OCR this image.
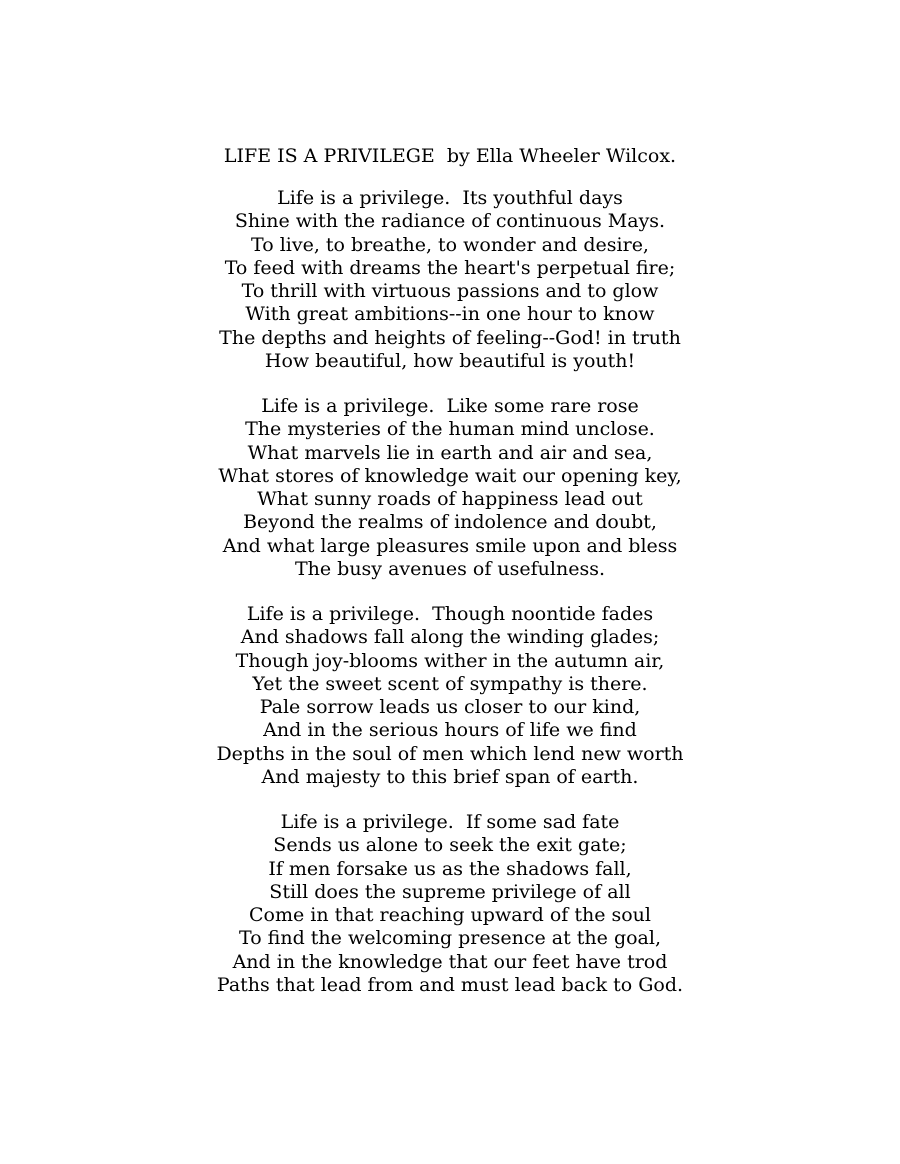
LIFE IS A PRIVILEGE  by Ella Wheeler Wilcox.
Life is a privilege.  Its youthful days
Shine with the radiance of continuous Mays.
To live, to breathe, to wonder and desire,
To feed with dreams the heart's perpetual fire;
To thrill with virtuous passions and to glow
With great ambitions--in one hour to know
The depths and heights of feeling--God! in truth
How beautiful, how beautiful is youth!
Life is a privilege.  Like some rare rose
The mysteries of the human mind unclose.
What marvels lie in earth and air and sea,
What stores of knowledge wait our opening key,
What sunny roads of happiness lead out
Beyond the realms of indolence and doubt,
And what large pleasures smile upon and bless
The busy avenues of usefulness.
Life is a privilege.  Though noontide fades
And shadows fall along the winding glades;
Though joy-blooms wither in the autumn air,
Yet the sweet scent of sympathy is there.
Pale sorrow leads us closer to our kind,
And in the serious hours of life we find
Depths in the soul of men which lend new worth
And majesty to this brief span of earth.
Life is a privilege.  If some sad fate
Sends us alone to seek the exit gate;
If men forsake us as the shadows fall,
Still does the supreme privilege of all
Come in that reaching upward of the soul
To find the welcoming presence at the goal,
And in the knowledge that our feet have trod
Paths that lead from and must lead back to God.
